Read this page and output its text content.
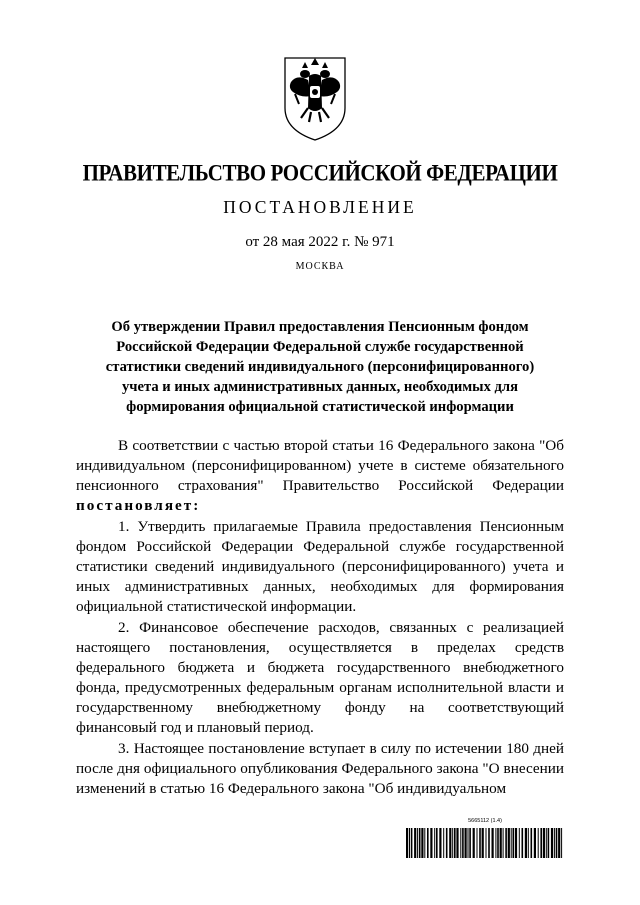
ПРАВИТЕЛЬСТВО РОССИЙСКОЙ ФЕДЕРАЦИИ
ПОСТАНОВЛЕНИЕ
от 28 мая 2022 г. № 971
МОСКВА
Об утверждении Правил предоставления Пенсионным фондом Российской Федерации Федеральной службе государственной статистики сведений индивидуального (персонифицированного) учета и иных административных данных, необходимых для формирования официальной статистической информации

В соответствии с частью второй статьи 16 Федерального закона "Об индивидуальном (персонифицированном) учете в системе обязательного пенсионного страхования" Правительство Российской Федерации постановляет:

1. Утвердить прилагаемые Правила предоставления Пенсионным фондом Российской Федерации Федеральной службе государственной статистики сведений индивидуального (персонифицированного) учета и иных административных данных, необходимых для формирования официальной статистической информации.

2. Финансовое обеспечение расходов, связанных с реализацией настоящего постановления, осуществляется в пределах средств федерального бюджета и бюджета государственного внебюджетного фонда, предусмотренных федеральным органам исполнительной власти и государственному внебюджетному фонду на соответствующий финансовый год и плановый период.

3. Настоящее постановление вступает в силу по истечении 180 дней после дня официального опубликования Федерального закона "О внесении изменений в статью 16 Федерального закона "Об индивидуальном

5665112 (1.4)
